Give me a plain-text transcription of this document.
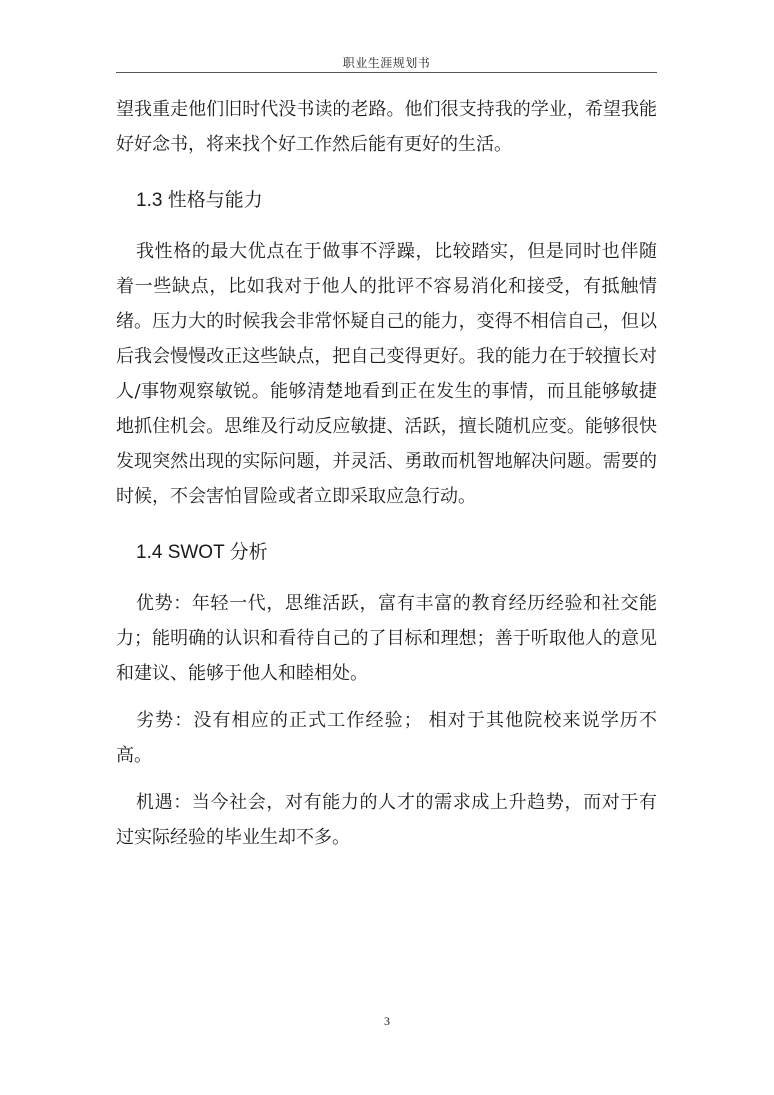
职业生涯规划书

望我重走他们旧时代没书读的老路。他们很支持我的学业，希望我能好好念书，将来找个好工作然后能有更好的生活。

1.3 性格与能力

我性格的最大优点在于做事不浮躁，比较踏实，但是同时也伴随着一些缺点，比如我对于他人的批评不容易消化和接受，有抵触情绪。压力大的时候我会非常怀疑自己的能力，变得不相信自己，但以后我会慢慢改正这些缺点，把自己变得更好。我的能力在于较擅长对人/事物观察敏锐。能够清楚地看到正在发生的事情，而且能够敏捷地抓住机会。思维及行动反应敏捷、活跃，擅长随机应变。能够很快发现突然出现的实际问题，并灵活、勇敢而机智地解决问题。需要的时候，不会害怕冒险或者立即采取应急行动。

1.4 SWOT 分析

优势：年轻一代，思维活跃，富有丰富的教育经历经验和社交能力；能明确的认识和看待自己的了目标和理想；善于听取他人的意见和建议、能够于他人和睦相处。

劣势：没有相应的正式工作经验； 相对于其他院校来说学历不高。

机遇：当今社会，对有能力的人才的需求成上升趋势，而对于有过实际经验的毕业生却不多。

3
